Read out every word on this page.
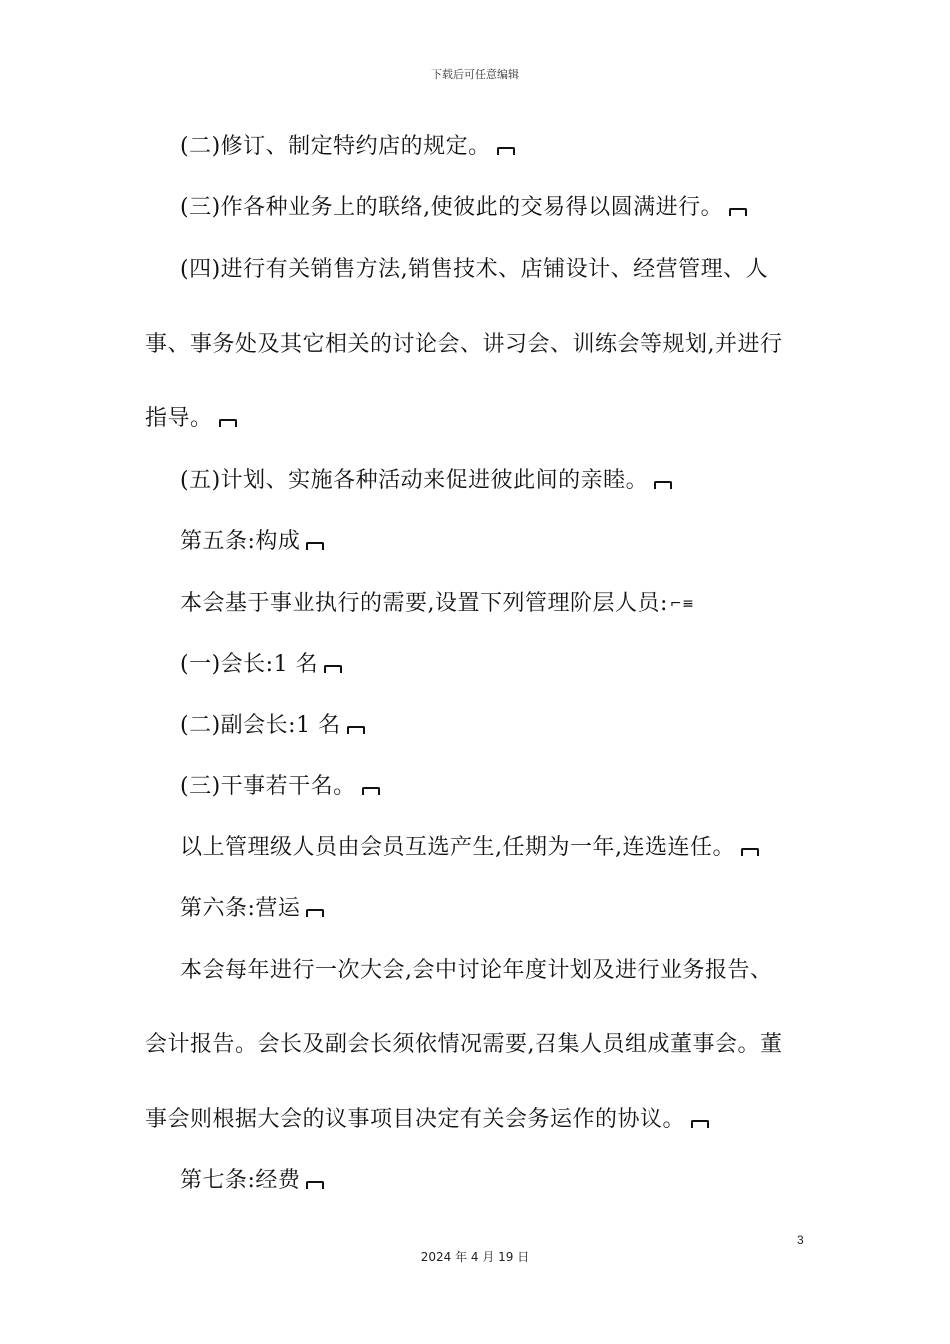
下载后可任意编辑
(二)修订、制定特约店的规定。
(三)作各种业务上的联络,使彼此的交易得以圆满进行。
(四)进行有关销售方法,销售技术、店铺设计、经营管理、人
事、事务处及其它相关的讨论会、讲习会、训练会等规划,并进行
指导。
(五)计划、实施各种活动来促进彼此间的亲睦。
第五条:构成
本会基于事业执行的需要,设置下列管理阶层人员: ⌐≡
(一)会长:1 名
(二)副会长:1 名
(三)干事若干名。
以上管理级人员由会员互选产生,任期为一年,连选连任。
第六条:营运
本会每年进行一次大会,会中讨论年度计划及进行业务报告、
会计报告。会长及副会长须依情况需要,召集人员组成董事会。董
事会则根据大会的议事项目决定有关会务运作的协议。
第七条:经费
3
2024 年 4 月 19 日
